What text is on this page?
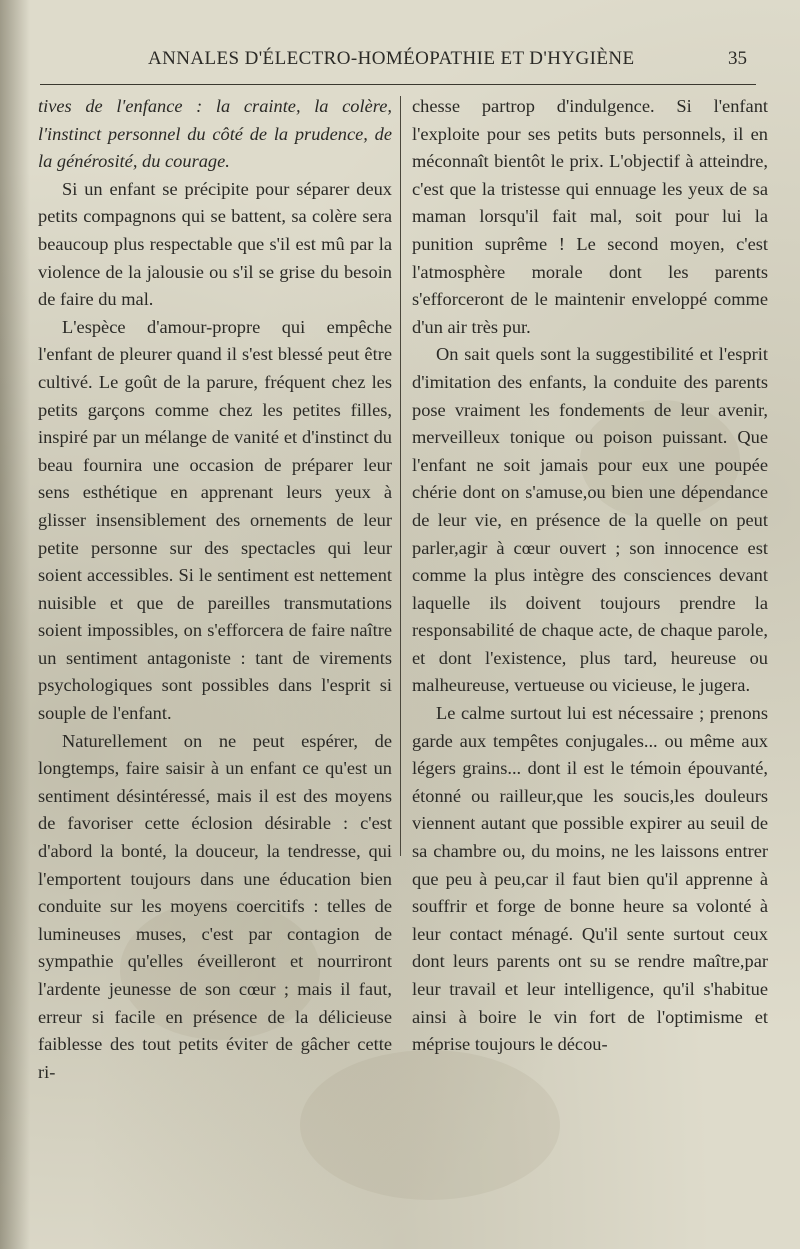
ANNALES D'ÉLECTRO-HOMÉOPATHIE ET D'HYGIÈNE	35

tives de l'enfance : la crainte, la colère, l'instinct personnel du côté de la prudence, de la générosité, du courage.

Si un enfant se précipite pour séparer deux petits compagnons qui se battent, sa colère sera beaucoup plus respectable que s'il est mû par la violence de la jalousie ou s'il se grise du besoin de faire du mal.

L'espèce d'amour-propre qui empêche l'enfant de pleurer quand il s'est blessé peut être cultivé. Le goût de la parure, fréquent chez les petits garçons comme chez les petites filles, inspiré par un mélange de vanité et d'instinct du beau fournira une occasion de préparer leur sens esthétique en apprenant leurs yeux à glisser insensiblement des ornements de leur petite personne sur des spectacles qui leur soient accessibles. Si le sentiment est nettement nuisible et que de pareilles transmutations soient impossibles, on s'efforcera de faire naître un sentiment antagoniste : tant de virements psychologiques sont possibles dans l'esprit si souple de l'enfant.

Naturellement on ne peut espérer, de longtemps, faire saisir à un enfant ce qu'est un sentiment désintéressé, mais il est des moyens de favoriser cette éclosion désirable : c'est d'abord la bonté, la douceur, la tendresse, qui l'emportent toujours dans une éducation bien conduite sur les moyens coercitifs : telles de lumineuses muses, c'est par contagion de sympathie qu'elles éveilleront et nourriront l'ardente jeunesse de son cœur ; mais il faut, erreur si facile en présence de la délicieuse faiblesse des tout petits éviter de gâcher cette ri-

chesse partrop d'indulgence. Si l'enfant l'exploite pour ses petits buts personnels, il en méconnaît bientôt le prix. L'objectif à atteindre, c'est que la tristesse qui ennuage les yeux de sa maman lorsqu'il fait mal, soit pour lui la punition suprême ! Le second moyen, c'est l'atmosphère morale dont les parents s'efforceront de le maintenir enveloppé comme d'un air très pur.

On sait quels sont la suggestibilité et l'esprit d'imitation des enfants, la conduite des parents pose vraiment les fondements de leur avenir, merveilleux tonique ou poison puissant. Que l'enfant ne soit jamais pour eux une poupée chérie dont on s'amuse,ou bien une dépendance de leur vie, en présence de la quelle on peut parler,agir à cœur ouvert ; son innocence est comme la plus intègre des consciences devant laquelle ils doivent toujours prendre la responsabilité de chaque acte, de chaque parole, et dont l'existence, plus tard, heureuse ou malheureuse, vertueuse ou vicieuse, le jugera.

Le calme surtout lui est nécessaire ; prenons garde aux tempêtes conjugales... ou même aux légers grains... dont il est le témoin épouvanté, étonné ou railleur,que les soucis,les douleurs viennent autant que possible expirer au seuil de sa chambre ou, du moins, ne les laissons entrer que peu à peu,car il faut bien qu'il apprenne à souffrir et forge de bonne heure sa volonté à leur contact ménagé. Qu'il sente surtout ceux dont leurs parents ont su se rendre maître,par leur travail et leur intelligence, qu'il s'habitue ainsi à boire le vin fort de l'optimisme et méprise toujours le décou-
